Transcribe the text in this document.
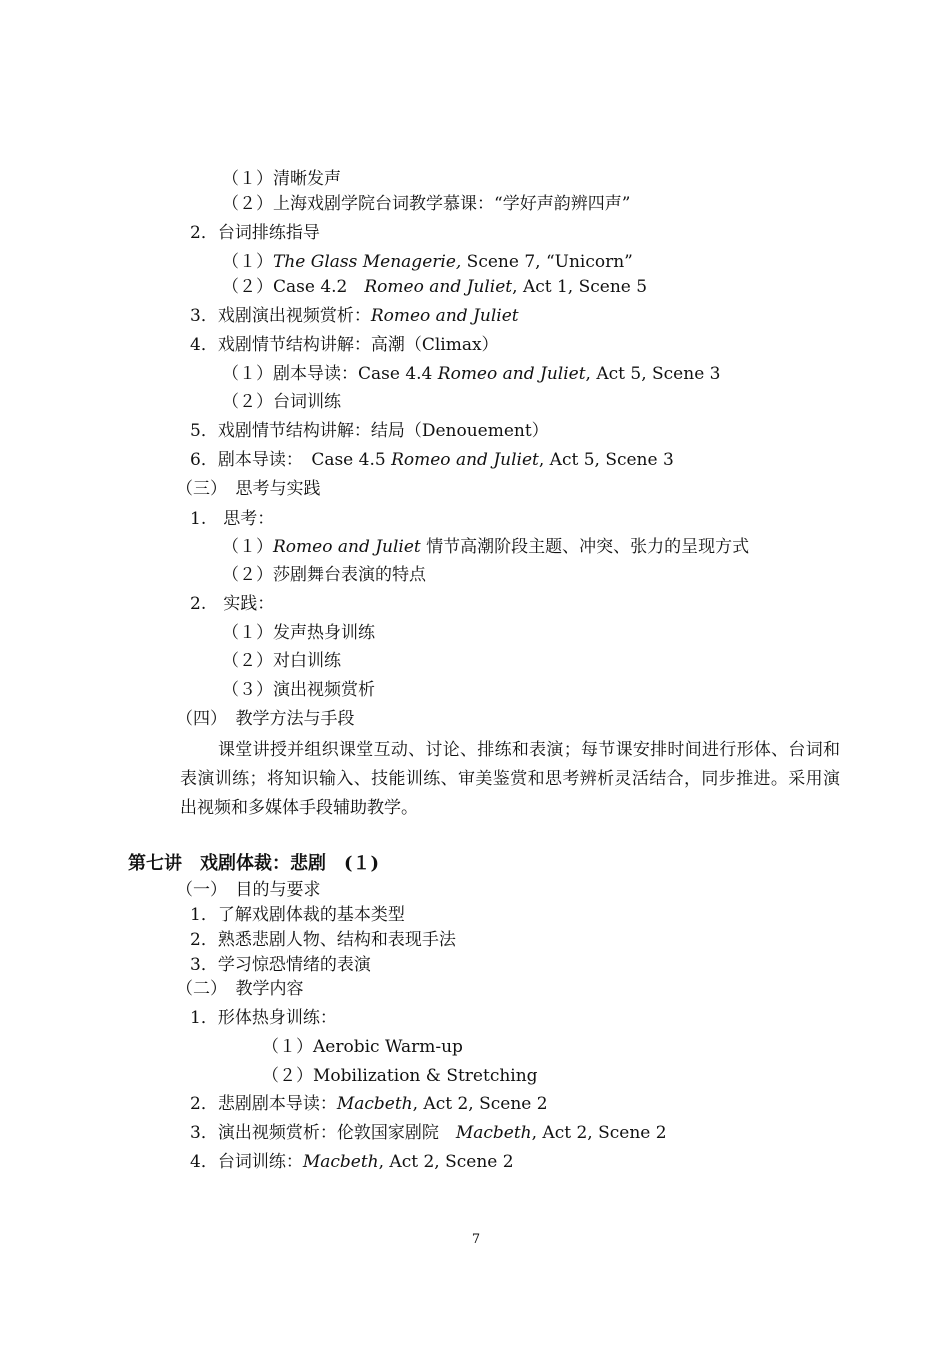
（１）清晰发声
（２）上海戏剧学院台词教学慕课：“学好声韵辨四声”
2．台词排练指导
（１）The Glass Menagerie, Scene 7, “Unicorn”
（２）Case 4.2　Romeo and Juliet, Act 1, Scene 5
3．戏剧演出视频赏析：Romeo and Juliet
4．戏剧情节结构讲解：高潮（Climax）
（１）剧本导读：Case 4.4 Romeo and Juliet, Act 5, Scene 3
（２）台词训练
5．戏剧情节结构讲解：结局（Denouement）
6．剧本导读：　Case 4.5 Romeo and Juliet, Act 5, Scene 3
（三）　思考与实践
1.　思考：
（１）Romeo and Juliet 情节高潮阶段主题、冲突、张力的呈现方式
（２）莎剧舞台表演的特点
2.　实践：
（１）发声热身训练
（２）对白训练
（３）演出视频赏析
（四）　教学方法与手段
课堂讲授并组织课堂互动、讨论、排练和表演；每节课安排时间进行形体、台词和表演训练；将知识输入、技能训练、审美鉴赏和思考辨析灵活结合，同步推进。采用演出视频和多媒体手段辅助教学。
第七讲　戏剧体裁：悲剧　(１)
（一）　目的与要求
1．了解戏剧体裁的基本类型
2．熟悉悲剧人物、结构和表现手法
3．学习惊恐情绪的表演
（二）　教学内容
1．形体热身训练：
（１）Aerobic Warm-up
（２）Mobilization & Stretching
2．悲剧剧本导读：Macbeth, Act 2, Scene 2
3．演出视频赏析：伦敦国家剧院　Macbeth, Act 2, Scene 2
4．台词训练：Macbeth, Act 2, Scene 2
7
